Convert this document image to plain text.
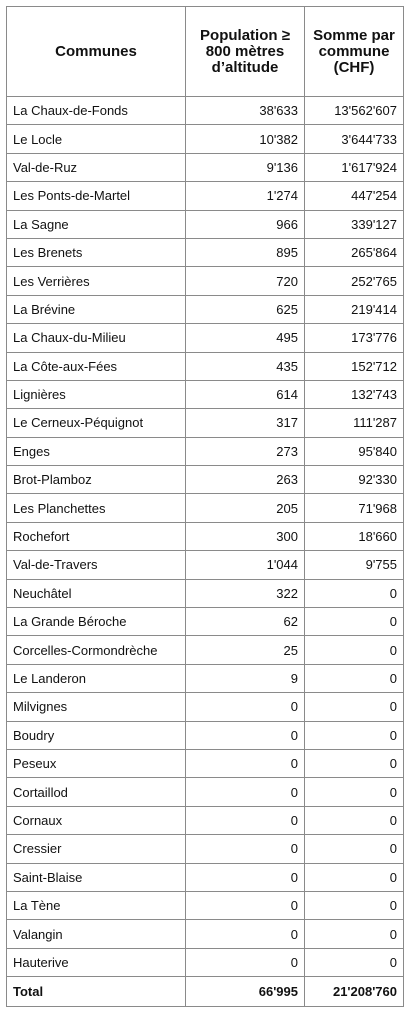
Communes	Population ≥ 800 mètres d’altitude	Somme par commune (CHF)
La Chaux-de-Fonds	38'633	13'562'607
Le Locle	10'382	3'644'733
Val-de-Ruz	9'136	1'617'924
Les Ponts-de-Martel	1'274	447'254
La Sagne	966	339'127
Les Brenets	895	265'864
Les Verrières	720	252'765
La Brévine	625	219'414
La Chaux-du-Milieu	495	173'776
La Côte-aux-Fées	435	152'712
Lignières	614	132'743
Le Cerneux-Péquignot	317	111'287
Enges	273	95'840
Brot-Plamboz	263	92'330
Les Planchettes	205	71'968
Rochefort	300	18'660
Val-de-Travers	1'044	9'755
Neuchâtel	322	0
La Grande Béroche	62	0
Corcelles-Cormondrèche	25	0
Le Landeron	9	0
Milvignes	0	0
Boudry	0	0
Peseux	0	0
Cortaillod	0	0
Cornaux	0	0
Cressier	0	0
Saint-Blaise	0	0
La Tène	0	0
Valangin	0	0
Hauterive	0	0
Total	66'995	21'208'760
